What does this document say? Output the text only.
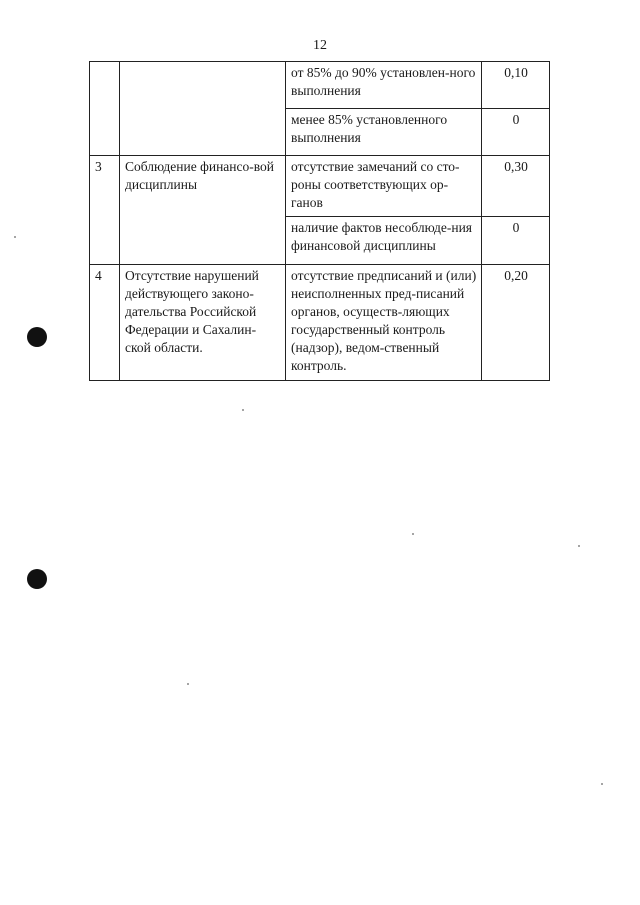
12
		от 85% до 90% установлен-ного выполнения	0,10
		менее 85% установленного выполнения	0
3	Соблюдение финансо-вой дисциплины	отсутствие замечаний со сто-роны соответствующих ор-ганов	0,30
		наличие фактов несоблюде-ния финансовой дисциплины	0
4	Отсутствие нарушений действующего законо-дательства Российской Федерации и Сахалин-ской области.	отсутствие предписаний и (или) неисполненных пред-писаний органов, осуществ-ляющих государственный контроль (надзор), ведом-ственный контроль.	0,20
